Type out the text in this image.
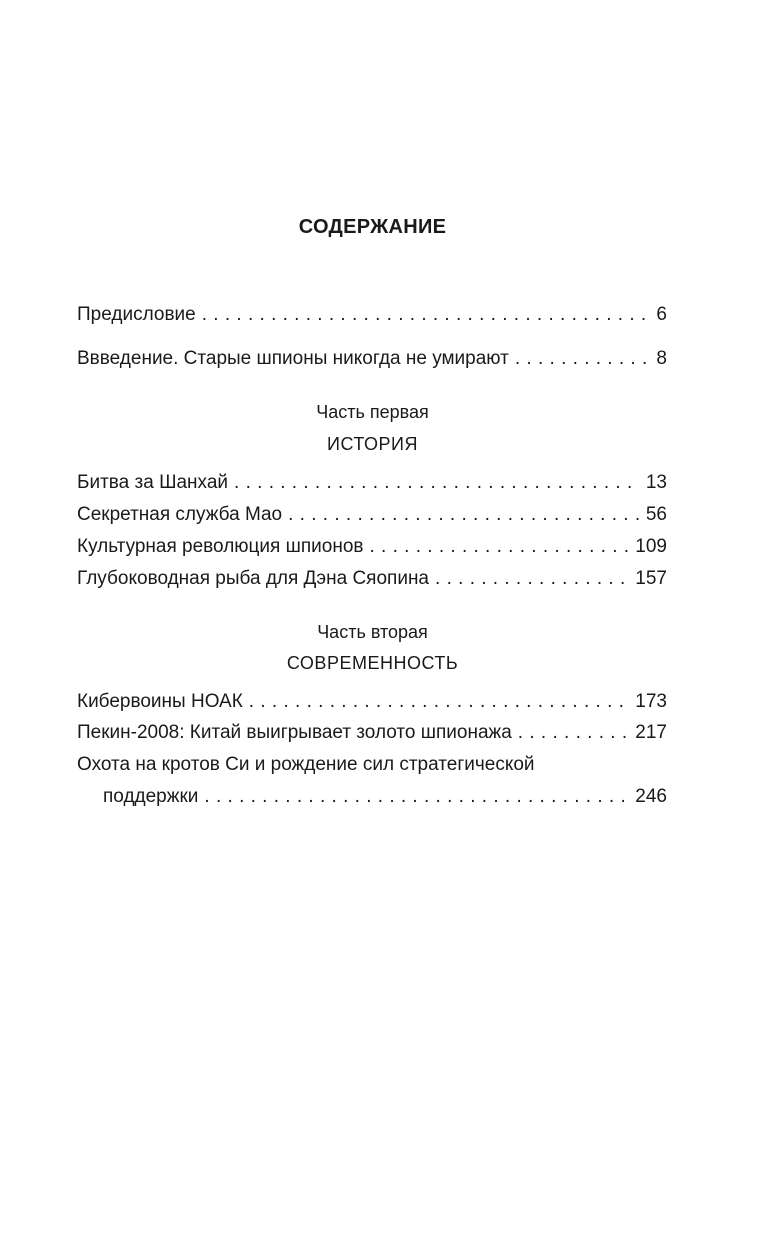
СОДЕРЖАНИЕ
Предисловие . . .	6
Ввведение. Старые шпионы никогда не умирают . . .	8
Часть первая
ИСТОРИЯ
Битва за Шанхай . . .	13
Секретная служба Мао . . .	56
Культурная революция шпионов . . .	109
Глубоководная рыба для Дэна Сяопина . . .	157
Часть вторая
СОВРЕМЕННОСТЬ
Кибервоины НОАК . . .	173
Пекин-2008: Китай выигрывает золото шпионажа . . .	217
Охота на кротов Си и рождение сил стратегической
поддержки . . .	246
